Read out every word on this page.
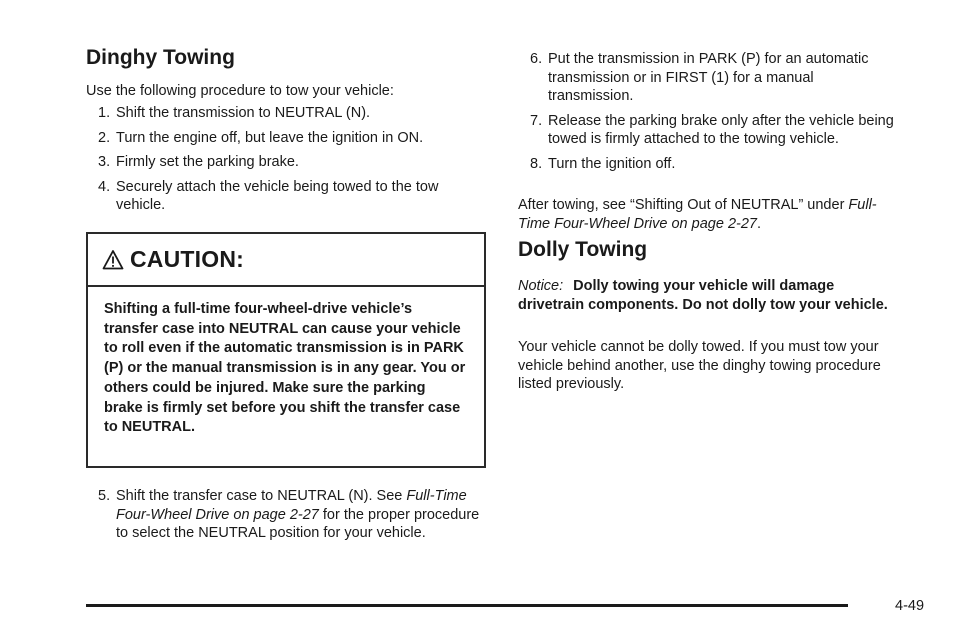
Dinghy Towing

Use the following procedure to tow your vehicle:

1. Shift the transmission to NEUTRAL (N).
2. Turn the engine off, but leave the ignition in ON.
3. Firmly set the parking brake.
4. Securely attach the vehicle being towed to the tow vehicle.
CAUTION:
Shifting a full-time four-wheel-drive vehicle’s transfer case into NEUTRAL can cause your vehicle to roll even if the automatic transmission is in PARK (P) or the manual transmission is in any gear. You or others could be injured. Make sure the parking brake is firmly set before you shift the transfer case to NEUTRAL.
5. Shift the transfer case to NEUTRAL (N). See Full-Time Four-Wheel Drive on page 2-27 for the proper procedure to select the NEUTRAL position for your vehicle.
6. Put the transmission in PARK (P) for an automatic transmission or in FIRST (1) for a manual transmission.
7. Release the parking brake only after the vehicle being towed is firmly attached to the towing vehicle.
8. Turn the ignition off.

After towing, see “Shifting Out of NEUTRAL” under Full-Time Four-Wheel Drive on page 2-27.

Dolly Towing

Notice: Dolly towing your vehicle will damage drivetrain components. Do not dolly tow your vehicle.

Your vehicle cannot be dolly towed. If you must tow your vehicle behind another, use the dinghy towing procedure listed previously.

4-49
